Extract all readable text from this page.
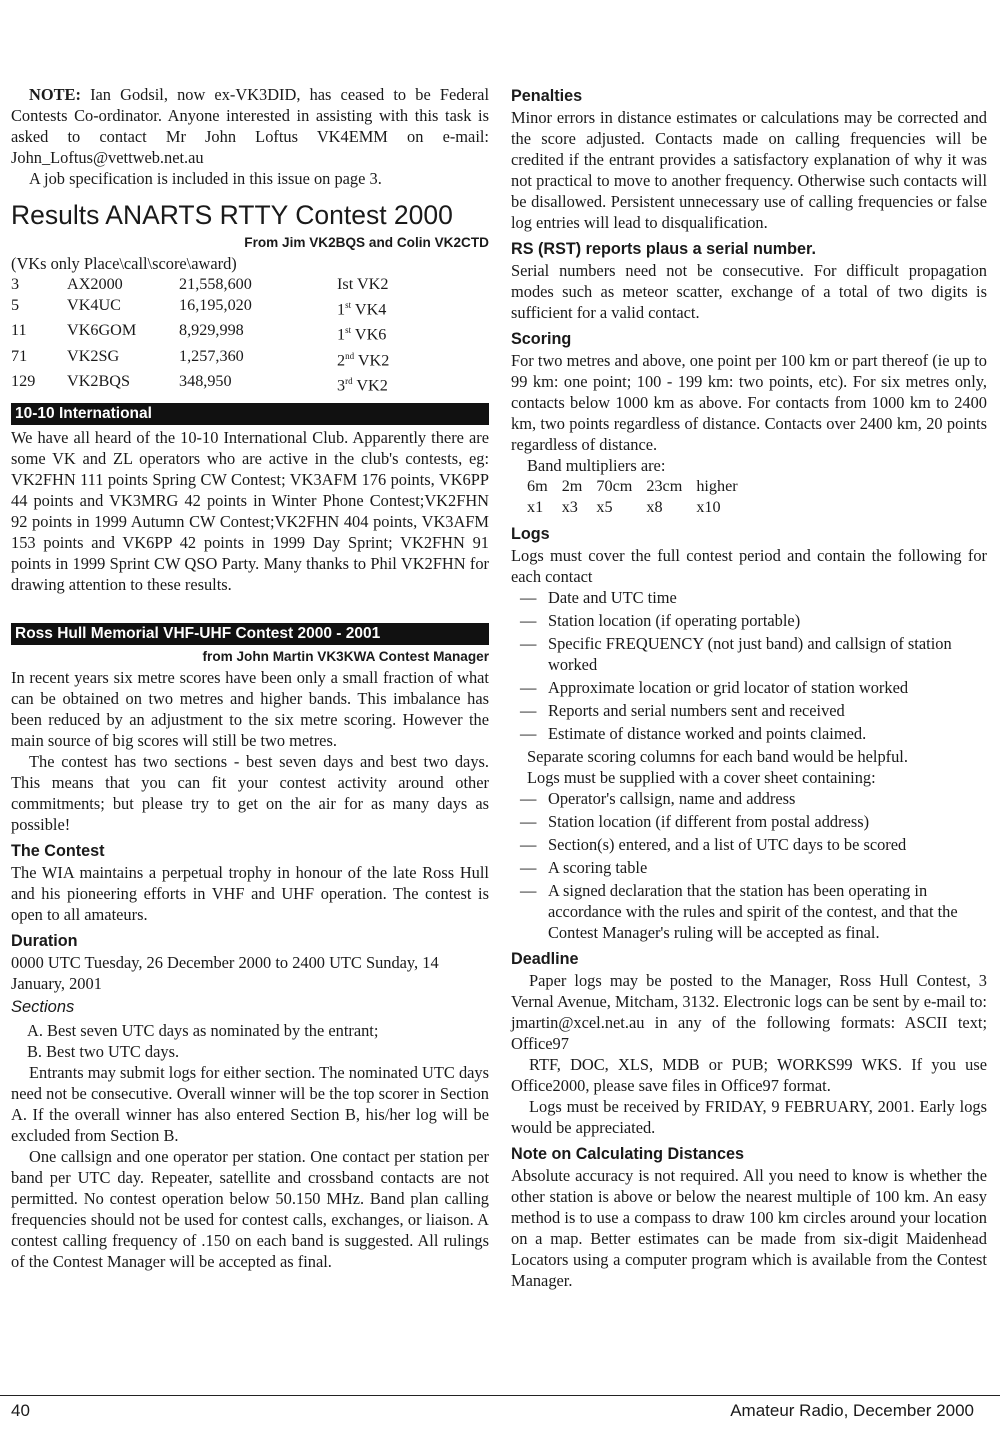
NOTE: Ian Godsil, now ex-VK3DID, has ceased to be Federal Contests Co-ordinator. Anyone interested in assisting with this task is asked to contact Mr John Loftus VK4EMM on e-mail: John_Loftus@vettweb.net.au

A job specification is included in this issue on page 3.

Results ANARTS RTTY Contest 2000
From Jim VK2BQS and Colin VK2CTD
(VKs only Place\call\score\award)
3	AX2000	21,558,600	Ist VK2
5	VK4UC	16,195,020	1st VK4
11	VK6GOM	8,929,998	1st VK6
71	VK2SG	1,257,360	2nd VK2
129	VK2BQS	348,950	3rd VK2
10-10 International

We have all heard of the 10-10 International Club. Apparently there are some VK and ZL operators who are active in the club's contests, eg: VK2FHN 111 points Spring CW Contest; VK3AFM 176 points, VK6PP 44 points and VK3MRG 42 points in Winter Phone Contest;VK2FHN 92 points in 1999 Autumn CW Contest;VK2FHN 404 points, VK3AFM 153 points and VK6PP 42 points in 1999 Day Sprint; VK2FHN 91 points in 1999 Sprint CW QSO Party. Many thanks to Phil VK2FHN for drawing attention to these results.

Ross Hull Memorial VHF-UHF Contest 2000 - 2001
from John Martin VK3KWA Contest Manager

In recent years six metre scores have been only a small fraction of what can be obtained on two metres and higher bands. This imbalance has been reduced by an adjustment to the six metre scoring. However the main source of big scores will still be two metres.

The contest has two sections - best seven days and best two days. This means that you can fit your contest activity around other commitments; but please try to get on the air for as many days as possible!

The Contest

The WIA maintains a perpetual trophy in honour of the late Ross Hull and his pioneering efforts in VHF and UHF operation. The contest is open to all amateurs.

Duration

0000 UTC Tuesday, 26 December 2000 to 2400 UTC Sunday, 14 January, 2001

Sections

A. Best seven UTC days as nominated by the entrant;

B. Best two UTC days.

Entrants may submit logs for either section. The nominated UTC days need not be consecutive. Overall winner will be the top scorer in Section A. If the overall winner has also entered Section B, his/her log will be excluded from Section B.

One callsign and one operator per station. One contact per station per band per UTC day. Repeater, satellite and crossband contacts are not permitted. No contest operation below 50.150 MHz. Band plan calling frequencies should not be used for contest calls, exchanges, or liaison. A contest calling frequency of .150 on each band is suggested. All rulings of the Contest Manager will be accepted as final.

Penalties

Minor errors in distance estimates or calculations may be corrected and the score adjusted. Contacts made on calling frequencies will be credited if the entrant provides a satisfactory explanation of why it was not practical to move to another frequency. Otherwise such contacts will be disallowed. Persistent unnecessary use of calling frequencies or false log entries will lead to disqualification.

RS (RST) reports plaus a serial number.

Serial numbers need not be consecutive. For difficult propagation modes such as meteor scatter, exchange of a total of two digits is sufficient for a valid contact.

Scoring

For two metres and above, one point per 100 km or part thereof (ie up to 99 km: one point; 100 - 199 km: two points, etc). For six metres only, contacts below 1000 km as above. For contacts from 1000 km to 2400 km, two points regardless of distance. Contacts over 2400 km, 20 points regardless of distance.

Band multipliers are:

6m	2m	70cm	23cm	higher
x1	x3	x5	x8	x10
Logs

Logs must cover the full contest period and contain the following for each contact

— Date and UTC time
— Station location (if operating portable)
— Specific FREQUENCY (not just band) and callsign of station worked
— Approximate location or grid locator of station worked
— Reports and serial numbers sent and received
— Estimate of distance worked and points claimed.

Separate scoring columns for each band would be helpful.

Logs must be supplied with a cover sheet containing:

— Operator's callsign, name and address
— Station location (if different from postal address)
— Section(s) entered, and a list of UTC days to be scored
— A scoring table
— A signed declaration that the station has been operating in accordance with the rules and spirit of the contest, and that the Contest Manager's ruling will be accepted as final.
Deadline

Paper logs may be posted to the Manager, Ross Hull Contest, 3 Vernal Avenue, Mitcham, 3132. Electronic logs can be sent by e-mail to: jmartin@xcel.net.au in any of the following formats: ASCII text; Office97

RTF, DOC, XLS, MDB or PUB; WORKS99 WKS. If you use Office2000, please save files in Office97 format.

Logs must be received by FRIDAY, 9 FEBRUARY, 2001. Early logs would be appreciated.

Note on Calculating Distances

Absolute accuracy is not required. All you need to know is whether the other station is above or below the nearest multiple of 100 km. An easy method is to use a compass to draw 100 km circles around your location on a map. Better estimates can be made from six-digit Maidenhead Locators using a computer program which is available from the Contest Manager.

40	Amateur Radio, December 2000
